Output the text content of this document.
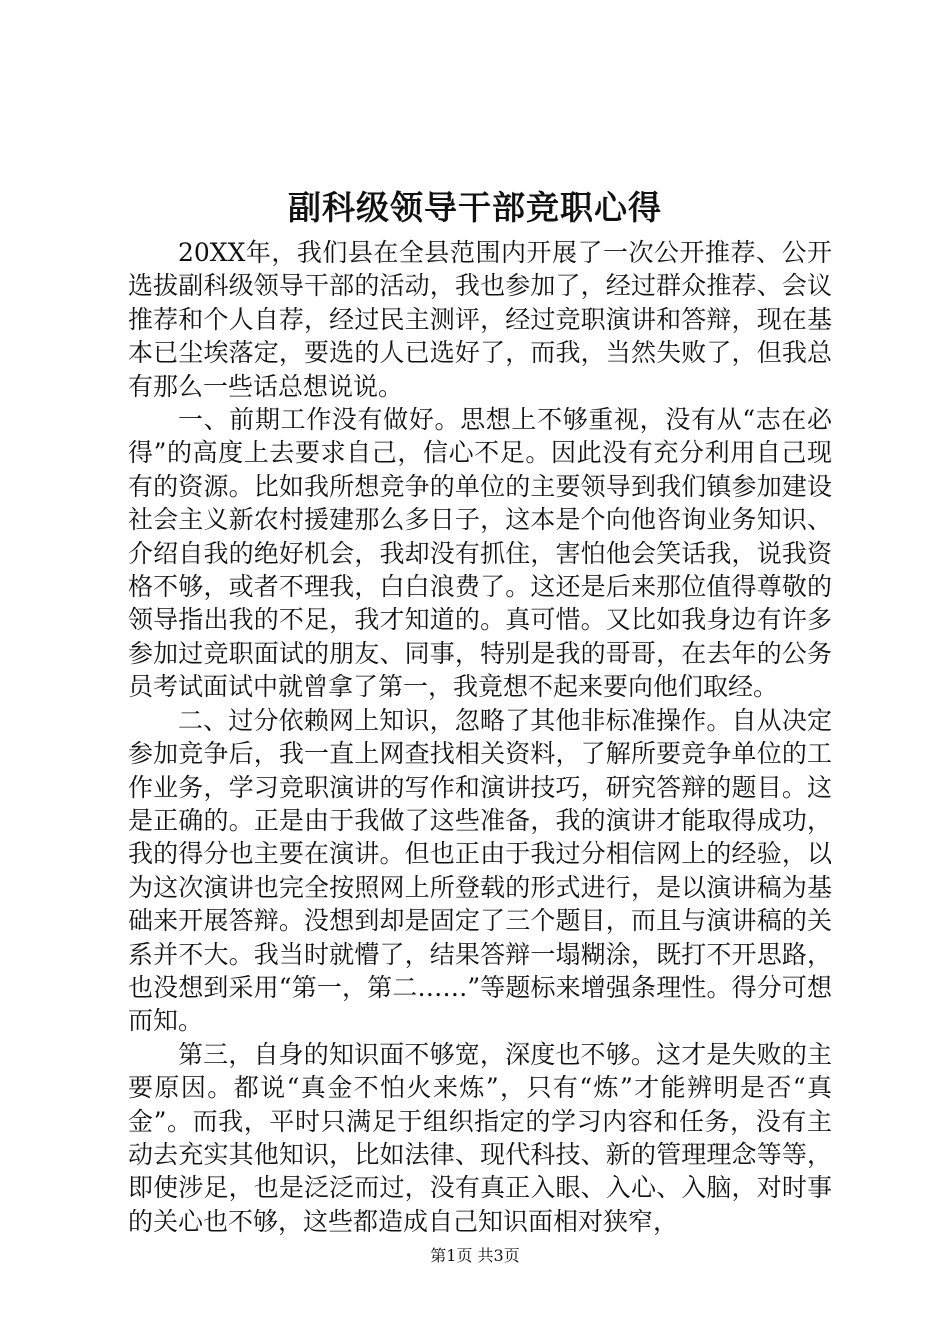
副科级领导干部竞职心得

20XX年，我们县在全县范围内开展了一次公开推荐、公开选拔副科级领导干部的活动，我也参加了，经过群众推荐、会议推荐和个人自荐，经过民主测评，经过竞职演讲和答辩，现在基本已尘埃落定，要选的人已选好了，而我，当然失败了，但我总有那么一些话总想说说。

一、前期工作没有做好。思想上不够重视，没有从“志在必得”的高度上去要求自己，信心不足。因此没有充分利用自己现有的资源。比如我所想竞争的单位的主要领导到我们镇参加建设社会主义新农村援建那么多日子，这本是个向他咨询业务知识、介绍自我的绝好机会，我却没有抓住，害怕他会笑话我，说我资格不够，或者不理我，白白浪费了。这还是后来那位值得尊敬的领导指出我的不足，我才知道的。真可惜。又比如我身边有许多参加过竞职面试的朋友、同事，特别是我的哥哥，在去年的公务员考试面试中就曾拿了第一，我竟想不起来要向他们取经。

二、过分依赖网上知识，忽略了其他非标准操作。自从决定参加竞争后，我一直上网查找相关资料，了解所要竞争单位的工作业务，学习竞职演讲的写作和演讲技巧，研究答辩的题目。这是正确的。正是由于我做了这些准备，我的演讲才能取得成功，我的得分也主要在演讲。但也正由于我过分相信网上的经验，以为这次演讲也完全按照网上所登载的形式进行，是以演讲稿为基础来开展答辩。没想到却是固定了三个题目，而且与演讲稿的关系并不大。我当时就懵了，结果答辩一塌糊涂，既打不开思路，也没想到采用“第一，第二……”等题标来增强条理性。得分可想而知。

第三，自身的知识面不够宽，深度也不够。这才是失败的主要原因。都说“真金不怕火来炼”，只有“炼”才能辨明是否“真金”。而我，平时只满足于组织指定的学习内容和任务，没有主动去充实其他知识，比如法律、现代科技、新的管理理念等等，即使涉足，也是泛泛而过，没有真正入眼、入心、入脑，对时事的关心也不够，这些都造成自己知识面相对狭窄，

第1页 共3页
